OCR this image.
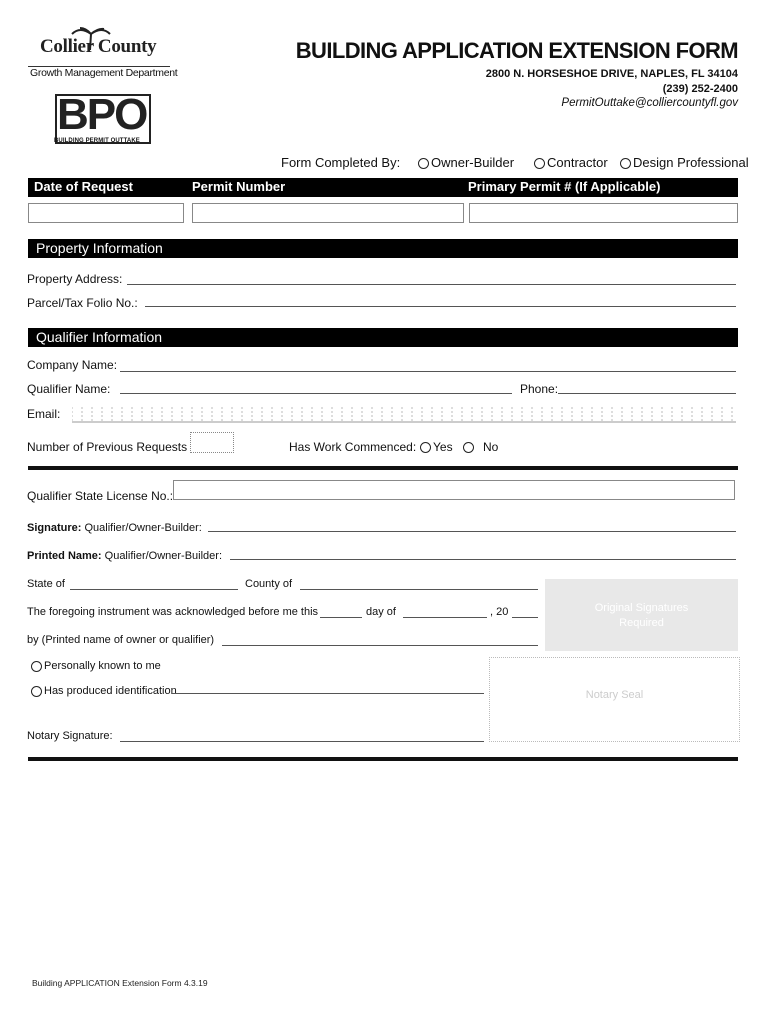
Collier County
Growth Management Department
BPO
BUILDING PERMIT OUTTAKE
BUILDING APPLICATION EXTENSION FORM
2800 N. HORSESHOE DRIVE, NAPLES, FL 34104
(239) 252-2400
PermitOuttake@colliercountyfl.gov
Form Completed By:	Owner-Builder	Contractor	Design Professional
Date of Request	Permit Number	Primary Permit # (If Applicable)
Property Information
Property Address:
Parcel/Tax Folio No.:
Qualifier Information
Company Name:
Qualifier Name:	Phone:
Email:
Number of Previous Requests	Has Work Commenced:	Yes	No
Qualifier State License No.:
Signature: Qualifier/Owner-Builder:
Printed Name: Qualifier/Owner-Builder:
State of	County of
The foregoing instrument was acknowledged before me this	day of	, 20
by (Printed name of owner or qualifier)
Original Signatures Required
Personally known to me
Has produced identification	Notary Seal
Notary Signature:
Building APPLICATION Extension Form 4.3.19
